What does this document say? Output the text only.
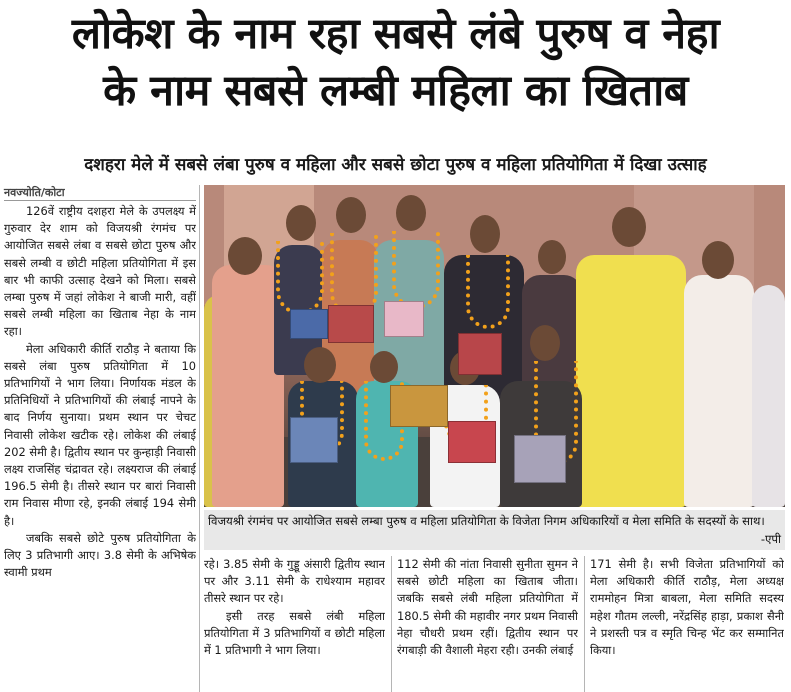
लोकेश के नाम रहा सबसे लंबे पुरुष व नेहा
के नाम सबसे लम्बी महिला का खिताब
दशहरा मेले में सबसे लंबा पुरुष व महिला और सबसे छोटा पुरुष व महिला प्रतियोगिता में दिखा उत्साह
नवज्योति/कोटा

126वें राष्ट्रीय दशहरा मेले के उपलक्ष्य में गुरुवार देर शाम को विजयश्री रंगमंच पर आयोजित सबसे लंबा व सबसे छोटा पुरुष और सबसे लम्बी व छोटी महिला प्रतियोगिता में इस बार भी काफी उत्साह देखने को मिला। सबसे लम्बा पुरुष में जहां लोकेश ने बाजी मारी, वहीं सबसे लम्बी महिला का खिताब नेहा के नाम रहा।

मेला अधिकारी कीर्ति राठौड़ ने बताया कि सबसे लंबा पुरुष प्रतियोगिता में 10 प्रतिभागियों ने भाग लिया। निर्णायक मंडल के प्रतिनिधियों ने प्रतिभागियों की लंबाई नापने के बाद निर्णय सुनाया। प्रथम स्थान पर चेचट निवासी लोकेश खटीक रहे। लोकेश की लंबाई 202 सेमी है। द्वितीय स्थान पर कुन्हाड़ी निवासी लक्ष्य राजसिंह चंद्रावत रहे। लक्ष्यराज की लंबाई 196.5 सेमी है। तीसरे स्थान पर बारां निवासी राम निवास मीणा रहे, इनकी लंबाई 194 सेमी है।

जबकि सबसे छोटे पुरुष प्रतियोगिता के लिए 3 प्रतिभागी आए। 3.8 सेमी के अभिषेक स्वामी प्रथम

विजयश्री रंगमंच पर आयोजित सबसे लम्बा पुरुष व महिला प्रतियोगिता के विजेता निगम अधिकारियों व मेला समिति के सदस्यों के साथ।
-एपी

रहे। 3.85 सेमी के गुड्डू अंसारी द्वितीय स्थान पर और 3.11 सेमी के राधेश्याम महावर तीसरे स्थान पर रहे।

इसी तरह सबसे लंबी महिला प्रतियोगिता में 3 प्रतिभागियों व छोटी महिला में 1 प्रतिभागी ने भाग लिया।

112 सेमी की नांता निवासी सुनीता सुमन ने सबसे छोटी महिला का खिताब जीता। जबकि सबसे लंबी महिला प्रतियोगिता में 180.5 सेमी की महावीर नगर प्रथम निवासी नेहा चौधरी प्रथम रहीं। द्वितीय स्थान पर रंगबाड़ी की वैशाली मेहरा रही। उनकी लंबाई

171 सेमी है। सभी विजेता प्रतिभागियों को मेला अधिकारी कीर्ति राठौड़, मेला अध्यक्ष राममोहन मित्रा बाबला, मेला समिति सदस्य महेश गौतम लल्ली, नरेंद्रसिंह हाड़ा, प्रकाश सैनी ने प्रशस्ती पत्र व स्मृति चिन्ह भेंट कर सम्मानित किया।
